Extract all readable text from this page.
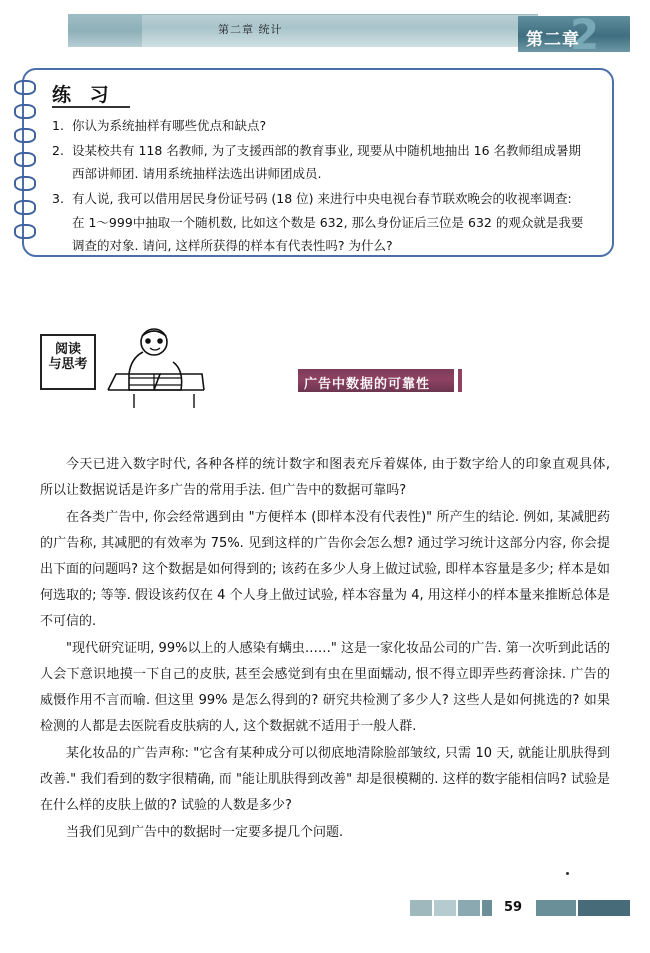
第二章 统计	2
第二章
练 习
1. 你认为系统抽样有哪些优点和缺点?
2. 设某校共有 118 名教师, 为了支援西部的教育事业, 现要从中随机地抽出 16 名教师组成暑期
西部讲师团. 请用系统抽样法选出讲师团成员.
3. 有人说, 我可以借用居民身份证号码 (18 位) 来进行中央电视台春节联欢晚会的收视率调查:
在 1～999中抽取一个随机数, 比如这个数是 632, 那么身份证后三位是 632 的观众就是我要
调查的对象. 请问, 这样所获得的样本有代表性吗? 为什么?
阅读
与思考
广告中数据的可靠性

今天已进入数字时代, 各种各样的统计数字和图表充斥着媒体, 由于数字给人的印象直观具体, 所以让数据说话是许多广告的常用手法. 但广告中的数据可靠吗?

在各类广告中, 你会经常遇到由 "方便样本 (即样本没有代表性)" 所产生的结论. 例如, 某减肥药的广告称, 其减肥的有效率为 75%. 见到这样的广告你会怎么想? 通过学习统计这部分内容, 你会提出下面的问题吗? 这个数据是如何得到的; 该药在多少人身上做过试验, 即样本容量是多少; 样本是如何选取的; 等等. 假设该药仅在 4 个人身上做过试验, 样本容量为 4, 用这样小的样本量来推断总体是不可信的.

"现代研究证明, 99%以上的人感染有螨虫……" 这是一家化妆品公司的广告. 第一次听到此话的人会下意识地摸一下自己的皮肤, 甚至会感觉到有虫在里面蠕动, 恨不得立即弄些药膏涂抹. 广告的威慑作用不言而喻. 但这里 99% 是怎么得到的? 研究共检测了多少人? 这些人是如何挑选的? 如果检测的人都是去医院看皮肤病的人, 这个数据就不适用于一般人群.

某化妆品的广告声称: "它含有某种成分可以彻底地清除脸部皱纹, 只需 10 天, 就能让肌肤得到改善." 我们看到的数字很精确, 而 "能让肌肤得到改善" 却是很模糊的. 这样的数字能相信吗? 试验是在什么样的皮肤上做的? 试验的人数是多少?

当我们见到广告中的数据时一定要多提几个问题.

59
